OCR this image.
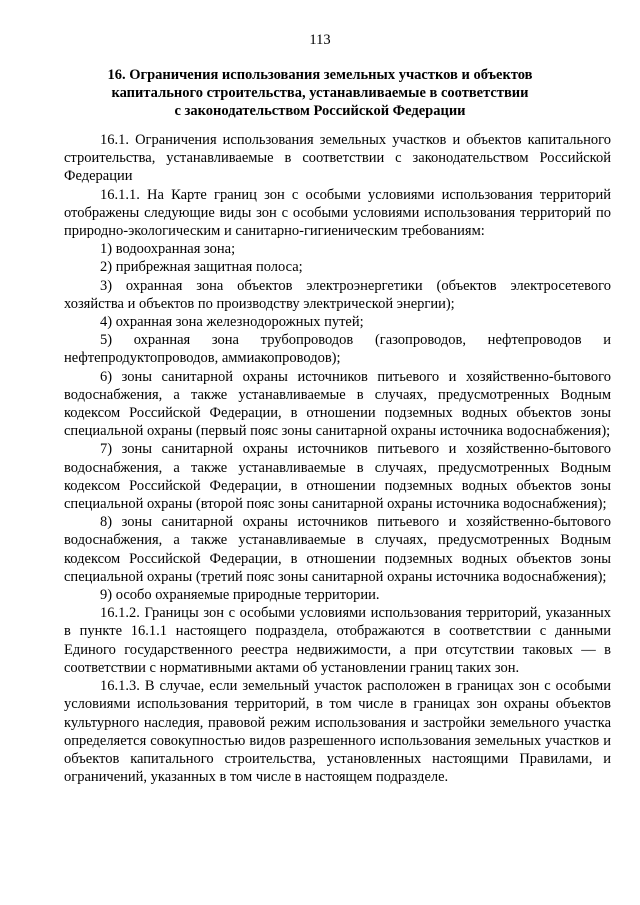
113
16. Ограничения использования земельных участков и объектов
капитального строительства, устанавливаемые в соответствии
с законодательством Российской Федерации

16.1. Ограничения использования земельных участков и объектов капитального строительства, устанавливаемые в соответствии с законодательством Российской Федерации

16.1.1. На Карте границ зон с особыми условиями использования территорий отображены следующие виды зон с особыми условиями использования территорий по природно-экологическим и санитарно-гигиеническим требованиям:

1) водоохранная зона;

2) прибрежная защитная полоса;

3) охранная зона объектов электроэнергетики (объектов электросетевого хозяйства и объектов по производству электрической энергии);

4) охранная зона железнодорожных путей;

5) охранная зона трубопроводов (газопроводов, нефтепроводов и нефтепродуктопроводов, аммиакопроводов);

6) зоны санитарной охраны источников питьевого и хозяйственно-бытового водоснабжения, а также устанавливаемые в случаях, предусмотренных Водным кодексом Российской Федерации, в отношении подземных водных объектов зоны специальной охраны (первый пояс зоны санитарной охраны источника водоснабжения);

7) зоны санитарной охраны источников питьевого и хозяйственно-бытового водоснабжения, а также устанавливаемые в случаях, предусмотренных Водным кодексом Российской Федерации, в отношении подземных водных объектов зоны специальной охраны (второй пояс зоны санитарной охраны источника водоснабжения);

8) зоны санитарной охраны источников питьевого и хозяйственно-бытового водоснабжения, а также устанавливаемые в случаях, предусмотренных Водным кодексом Российской Федерации, в отношении подземных водных объектов зоны специальной охраны (третий пояс зоны санитарной охраны источника водоснабжения);

9) особо охраняемые природные территории.

16.1.2. Границы зон с особыми условиями использования территорий, указанных в пункте 16.1.1 настоящего подраздела, отображаются в соответствии с данными Единого государственного реестра недвижимости, а при отсутствии таковых — в соответствии с нормативными актами об установлении границ таких зон.

16.1.3. В случае, если земельный участок расположен в границах зон с особыми условиями использования территорий, в том числе в границах зон охраны объектов культурного наследия, правовой режим использования и застройки земельного участка определяется совокупностью видов разрешенного использования земельных участков и объектов капитального строительства, установленных настоящими Правилами, и ограничений, указанных в том числе в настоящем подразделе.
